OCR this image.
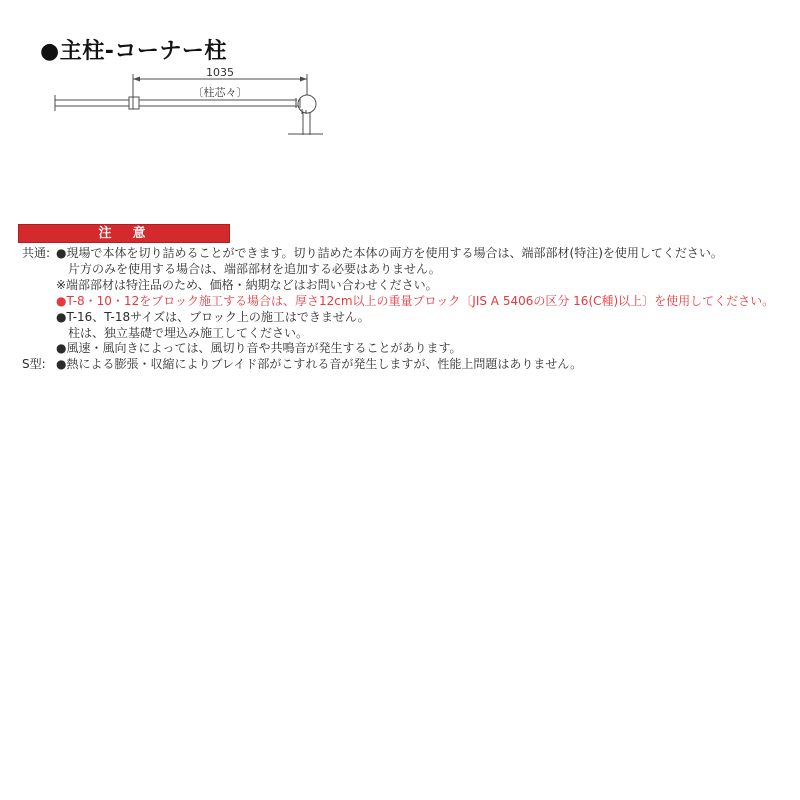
●主柱-コーナー柱
1035
〔柱芯々〕
注　意
共通: ●現場で本体を切り詰めることができます。切り詰めた本体の両方を使用する場合は、端部部材(特注)を使用してください。
片方のみを使用する場合は、端部部材を追加する必要はありません。
※端部部材は特注品のため、価格・納期などはお問い合わせください。
●T-8・10・12をブロック施工する場合は、厚さ12cm以上の重量ブロック〔JIS A 5406の区分 16(C種)以上〕を使用してください。
●T-16、T-18サイズは、ブロック上の施工はできません。
柱は、独立基礎で埋込み施工してください。
●風速・風向きによっては、風切り音や共鳴音が発生することがあります。
S型: ●熱による膨張・収縮によりブレイド部がこすれる音が発生しますが、性能上問題はありません。
